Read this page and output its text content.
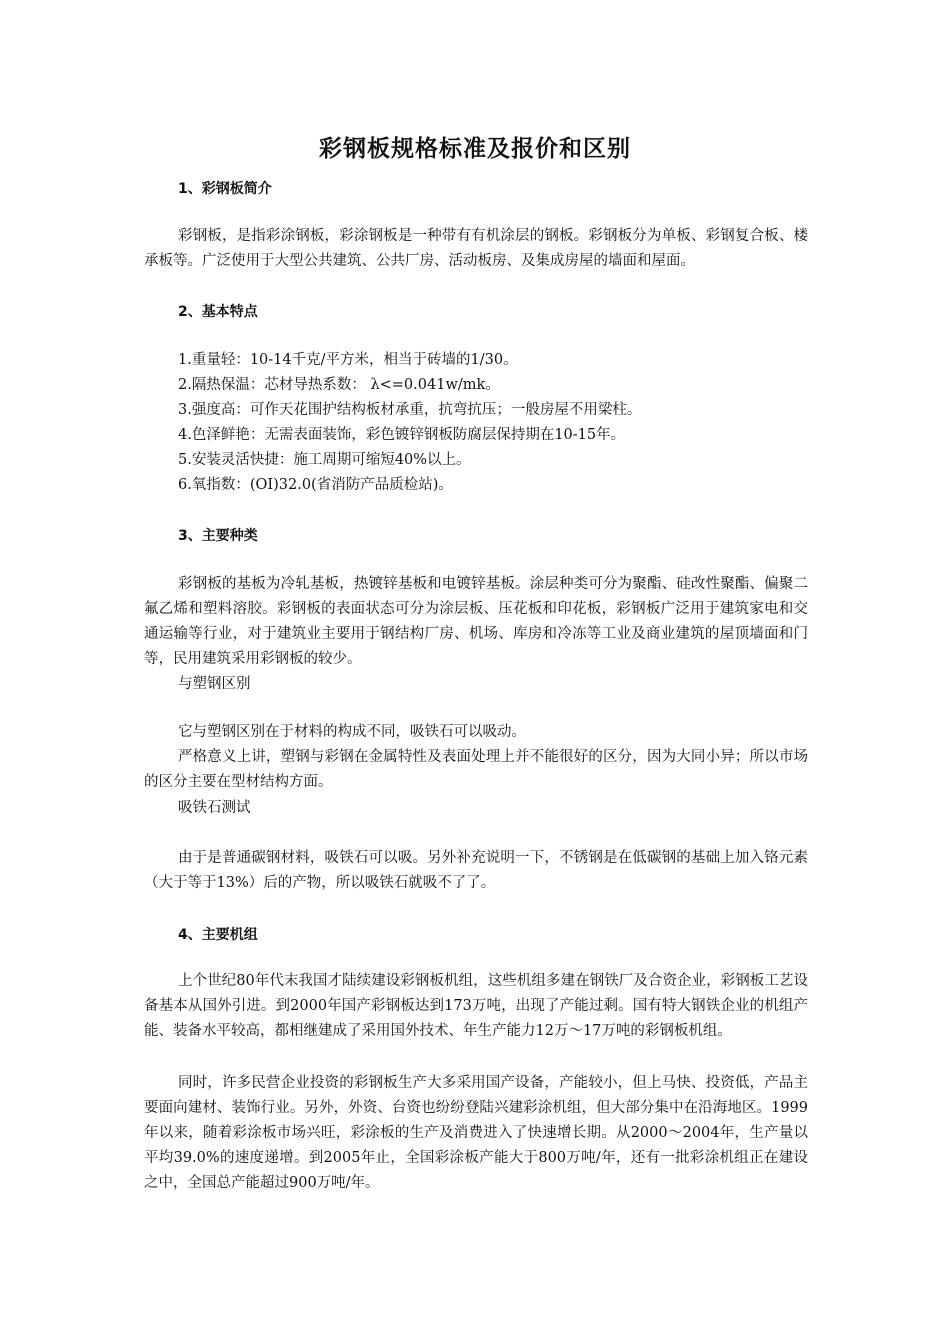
彩钢板规格标准及报价和区别
1、彩钢板简介

彩钢板，是指彩涂钢板，彩涂钢板是一种带有有机涂层的钢板。彩钢板分为单板、彩钢复合板、楼承板等。广泛使用于大型公共建筑、公共厂房、活动板房、及集成房屋的墙面和屋面。

2、基本特点
1.重量轻：10-14千克/平方米，相当于砖墙的1/30。
2.隔热保温：芯材导热系数： λ<=0.041w/mk。
3.强度高：可作天花围护结构板材承重，抗弯抗压；一般房屋不用梁柱。
4.色泽鲜艳：无需表面装饰，彩色镀锌钢板防腐层保持期在10-15年。
5.安装灵活快捷：施工周期可缩短40%以上。
6.氧指数：(OI)32.0(省消防产品质检站)。
3、主要种类

彩钢板的基板为冷轧基板，热镀锌基板和电镀锌基板。涂层种类可分为聚酯、硅改性聚酯、偏聚二氟乙烯和塑料溶胶。彩钢板的表面状态可分为涂层板、压花板和印花板，彩钢板广泛用于建筑家电和交通运输等行业，对于建筑业主要用于钢结构厂房、机场、库房和冷冻等工业及商业建筑的屋顶墙面和门等，民用建筑采用彩钢板的较少。

与塑钢区别

它与塑钢区别在于材料的构成不同，吸铁石可以吸动。

严格意义上讲，塑钢与彩钢在金属特性及表面处理上并不能很好的区分，因为大同小异；所以市场的区分主要在型材结构方面。

吸铁石测试

由于是普通碳钢材料，吸铁石可以吸。另外补充说明一下，不锈钢是在低碳钢的基础上加入铬元素（大于等于13%）后的产物，所以吸铁石就吸不了了。

4、主要机组

上个世纪80年代末我国才陆续建设彩钢板机组，这些机组多建在钢铁厂及合资企业，彩钢板工艺设备基本从国外引进。到2000年国产彩钢板达到173万吨，出现了产能过剩。国有特大钢铁企业的机组产能、装备水平较高，都相继建成了采用国外技术、年生产能力12万～17万吨的彩钢板机组。

同时，许多民营企业投资的彩钢板生产大多采用国产设备，产能较小，但上马快、投资低，产品主要面向建材、装饰行业。另外，外资、台资也纷纷登陆兴建彩涂机组，但大部分集中在沿海地区。1999年以来，随着彩涂板市场兴旺，彩涂板的生产及消费进入了快速增长期。从2000～2004年，生产量以平均39.0%的速度递增。到2005年止，全国彩涂板产能大于800万吨/年，还有一批彩涂机组正在建设之中，全国总产能超过900万吨/年。
